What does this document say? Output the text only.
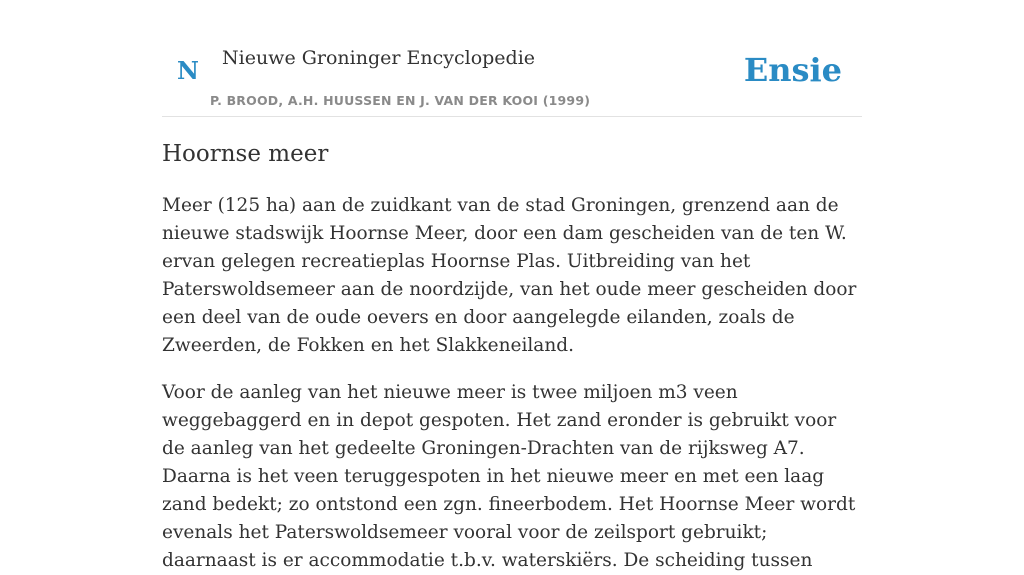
N Nieuwe Groninger Encyclopedie
P. BROOD, A.H. HUUSSEN EN J. VAN DER KOOI (1999)
Ensie
Hoornse meer

Meer (125 ha) aan de zuidkant van de stad Groningen, grenzend aan de nieuwe stadswijk Hoornse Meer, door een dam gescheiden van de ten W. ervan gelegen recreatieplas Hoornse Plas. Uitbreiding van het Paterswoldsemeer aan de noordzijde, van het oude meer gescheiden door een deel van de oude oevers en door aangelegde eilanden, zoals de Zweerden, de Fokken en het Slakkeneiland.

Voor de aanleg van het nieuwe meer is twee miljoen m3 veen weggebaggerd en in depot gespoten. Het zand eronder is gebruikt voor de aanleg van het gedeelte Groningen-Drachten van de rijksweg A7. Daarna is het veen teruggespoten in het nieuwe meer en met een laag zand bedekt; zo ontstond een zgn. fineerbodem. Het Hoornse Meer wordt evenals het Paterswoldsemeer vooral voor de zeilsport gebruikt; daarnaast is er accommodatie t.b.v. waterskiërs. De scheiding tussen
